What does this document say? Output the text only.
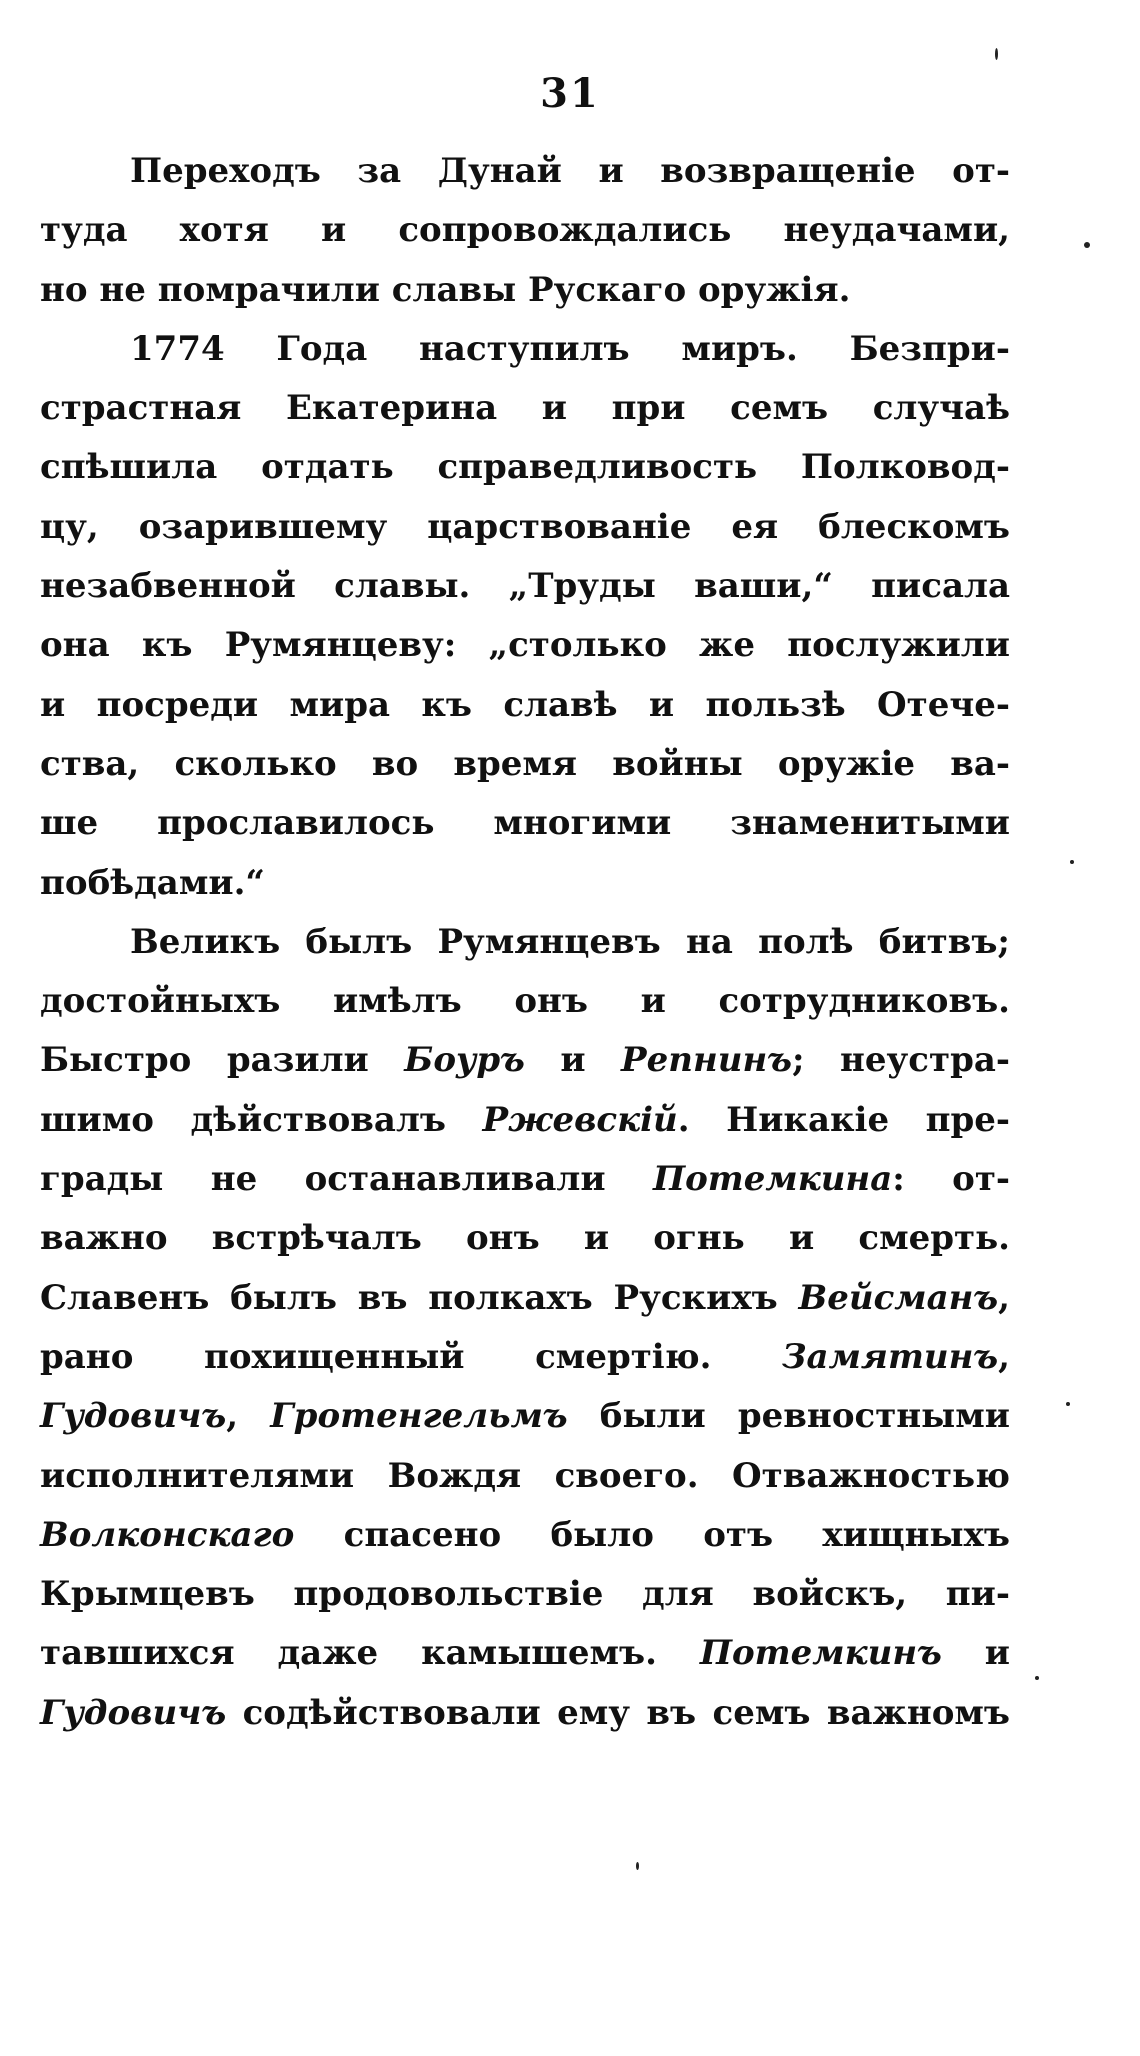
31
Переходъ за Дунай и возвращеніе от-
туда хотя и сопровождались неудачами,
но не помрачили славы Рускаго оружія.
1774 Года наступилъ миръ. Безпри-
страстная Екатерина и при семъ случаѣ
спѣшила отдать справедливость Полковод-
цу, озарившему царствованіе ея блескомъ
незабвенной славы. „Труды ваши,“ писала
она къ Румянцеву: „столько же послужили
и посреди мира къ славѣ и пользѣ Отече-
ства, сколько во время войны оружіе ва-
ше прославилось многими знаменитыми
побѣдами.“
Великъ былъ Румянцевъ на полѣ битвъ;
достойныхъ имѣлъ онъ и сотрудниковъ.
Быстро разили Боуръ и Репнинъ; неустра-
шимо дѣйствовалъ Ржевскій. Никакіе пре-
грады не останавливали Потемкина: от-
важно встрѣчалъ онъ и огнь и смерть.
Славенъ былъ въ полкахъ Рускихъ Вейсманъ,
рано похищенный смертію. Замятинъ,
Гудовичъ, Гротенгельмъ были ревностными
исполнителями Вождя своего. Отважностью
Волконскаго спасено было отъ хищныхъ
Крымцевъ продовольствіе для войскъ, пи-
тавшихся даже камышемъ. Потемкинъ и
Гудовичъ содѣйствовали ему въ семъ важномъ
